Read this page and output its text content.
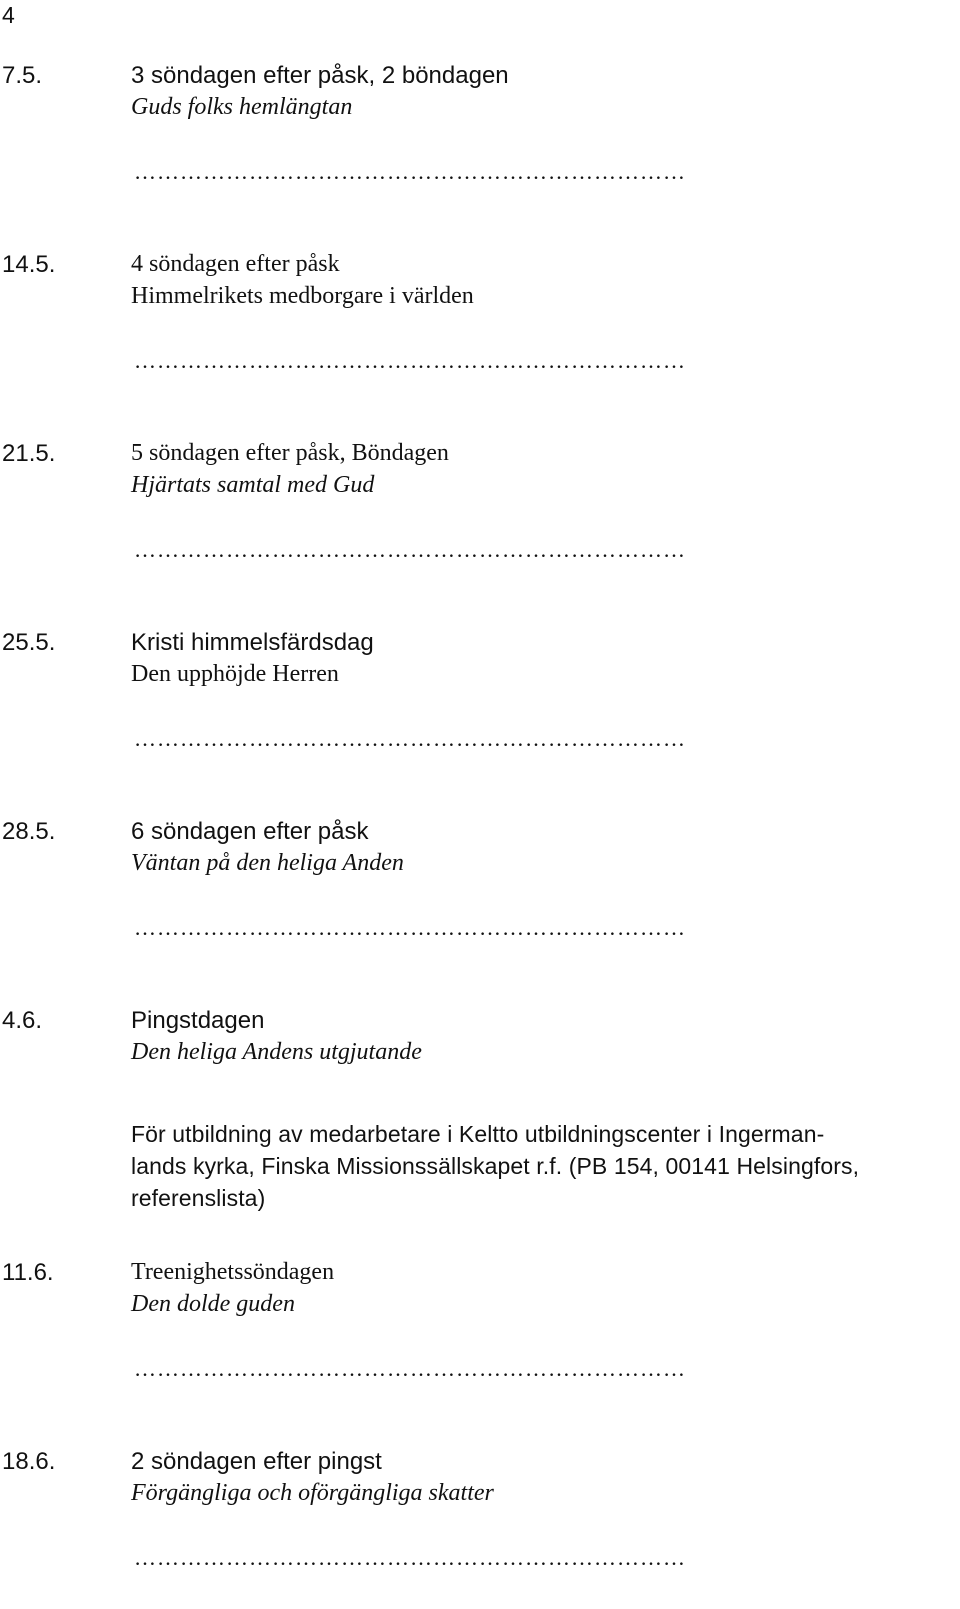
4
7.5.	3 söndagen efter påsk, 2 böndagen
Guds folks hemlängtan
………………………………………………………………
14.5.	4 söndagen efter påsk
Himmelrikets medborgare i världen
………………………………………………………………
21.5.	5 söndagen efter påsk, Böndagen
Hjärtats samtal med Gud
………………………………………………………………
25.5.	Kristi himmelsfärdsdag
Den upphöjde Herren
………………………………………………………………
28.5.	6 söndagen efter påsk
Väntan på den heliga Anden
………………………………………………………………
4.6.	Pingstdagen
Den heliga Andens utgjutande
För utbildning av medarbetare i Keltto utbildningscenter i Ingerman-
lands kyrka, Finska Missionssällskapet r.f. (PB 154, 00141 Helsingfors,
referenslista)
11.6.	Treenighetssöndagen
Den dolde guden
………………………………………………………………
18.6.	2 söndagen efter pingst
Förgängliga och oförgängliga skatter
………………………………………………………………
